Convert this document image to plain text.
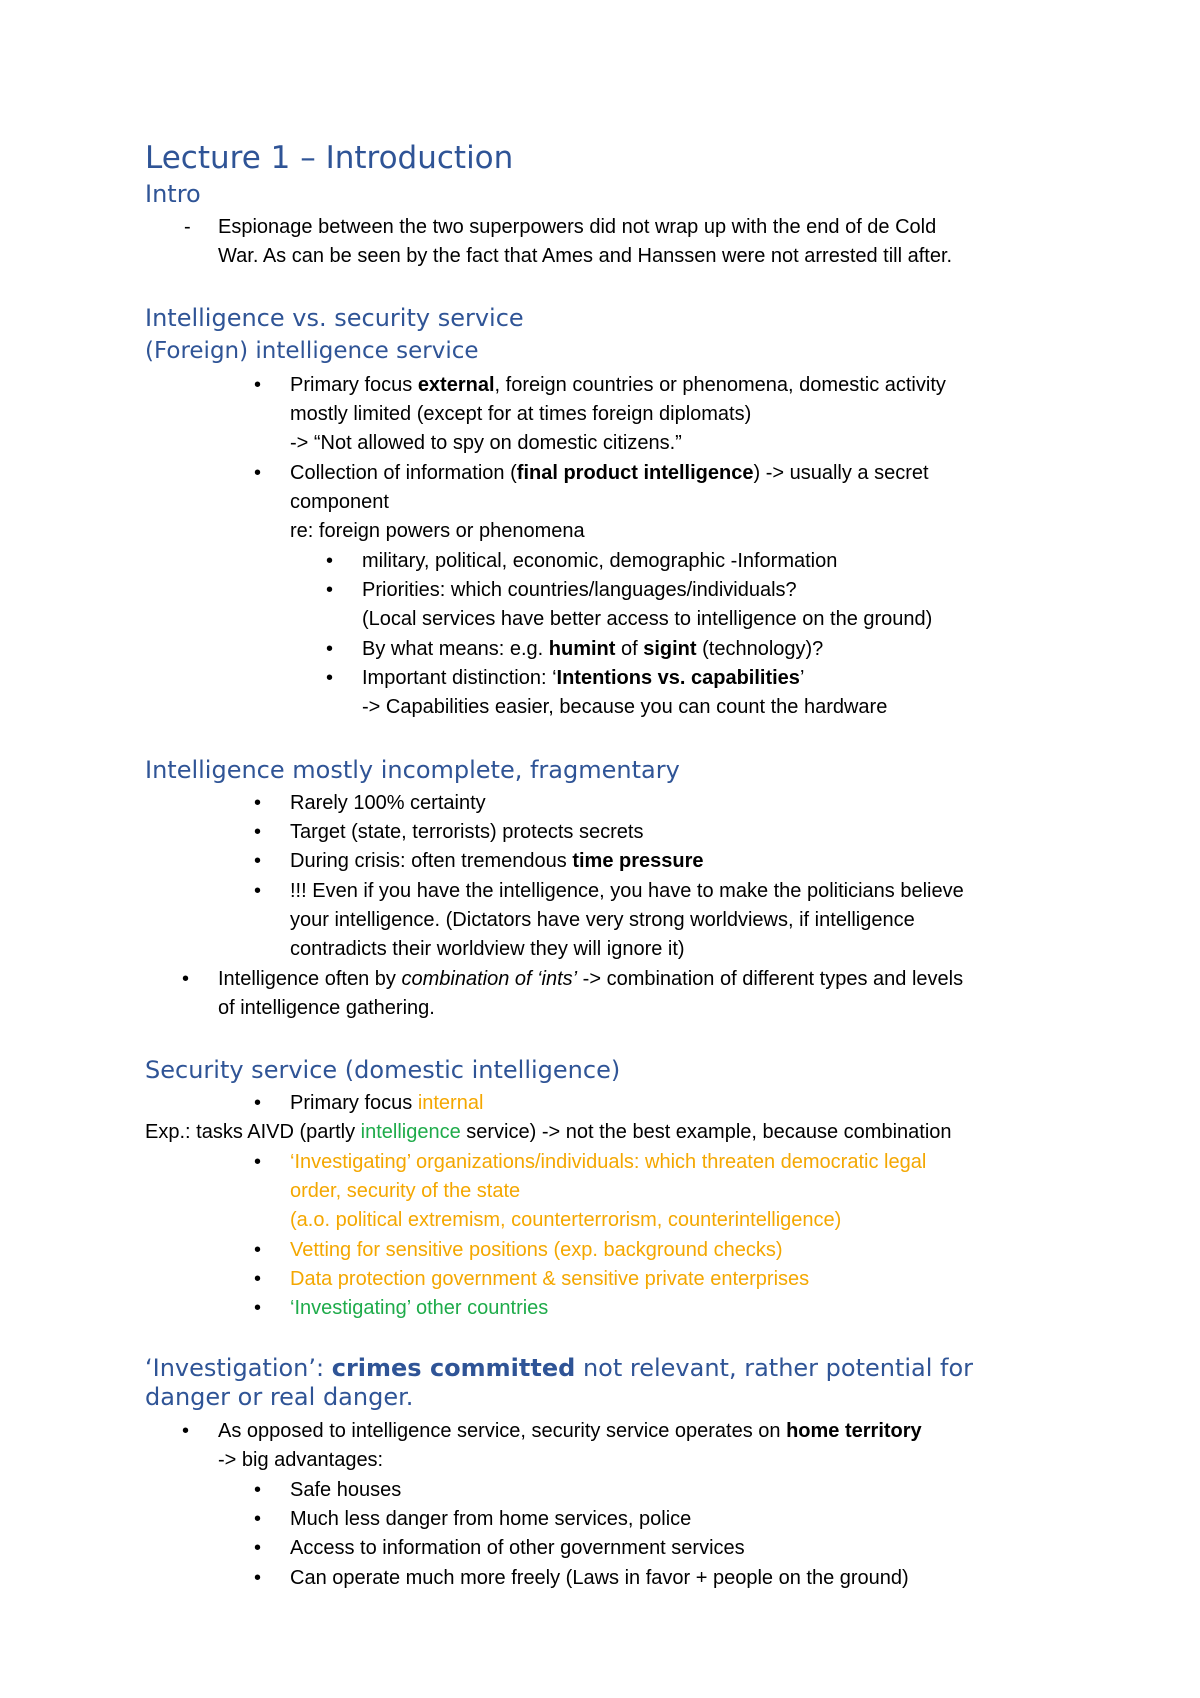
Lecture 1 – Introduction
Intro
- Espionage between the two superpowers did not wrap up with the end of de Cold
War. As can be seen by the fact that Ames and Hanssen were not arrested till after.
Intelligence vs. security service
(Foreign) intelligence service
• Primary focus external, foreign countries or phenomena, domestic activity
mostly limited (except for at times foreign diplomats)
-> “Not allowed to spy on domestic citizens.”
• Collection of information (final product intelligence) -> usually a secret
component
re: foreign powers or phenomena
• military, political, economic, demographic -Information
• Priorities: which countries/languages/individuals?
(Local services have better access to intelligence on the ground)
• By what means: e.g. humint of sigint (technology)?
• Important distinction: ‘Intentions vs. capabilities’
-> Capabilities easier, because you can count the hardware
Intelligence mostly incomplete, fragmentary
• Rarely 100% certainty
• Target (state, terrorists) protects secrets
• During crisis: often tremendous time pressure
• !!! Even if you have the intelligence, you have to make the politicians believe
your intelligence. (Dictators have very strong worldviews, if intelligence
contradicts their worldview they will ignore it)
• Intelligence often by combination of ‘ints’ -> combination of different types and levels
of intelligence gathering.
Security service (domestic intelligence)
• Primary focus internal
Exp.: tasks AIVD (partly intelligence service) -> not the best example, because combination
• ‘Investigating’ organizations/individuals: which threaten democratic legal
order, security of the state
(a.o. political extremism, counterterrorism, counterintelligence)
• Vetting for sensitive positions (exp. background checks)
• Data protection government & sensitive private enterprises
• ‘Investigating’ other countries
‘Investigation’: crimes committed not relevant, rather potential for
danger or real danger.
• As opposed to intelligence service, security service operates on home territory
-> big advantages:
• Safe houses
• Much less danger from home services, police
• Access to information of other government services
• Can operate much more freely (Laws in favor + people on the ground)
